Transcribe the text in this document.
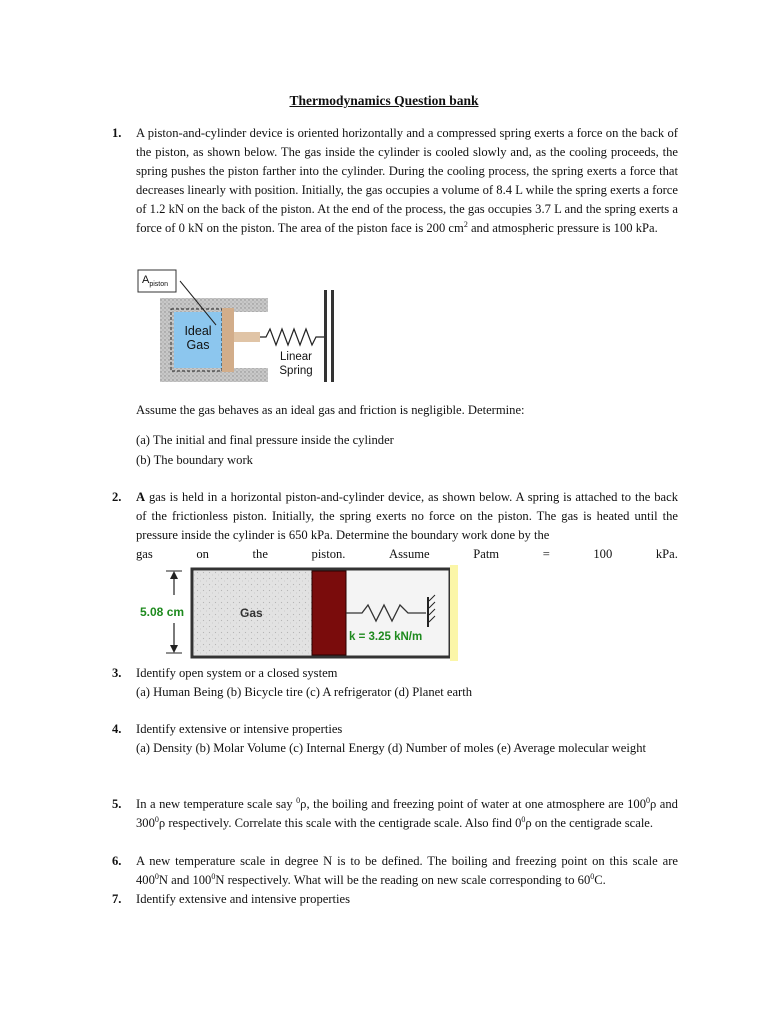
Thermodynamics Question bank
1. A piston-and-cylinder device is oriented horizontally and a compressed spring exerts a force on the back of the piston, as shown below. The gas inside the cylinder is cooled slowly and, as the cooling proceeds, the spring pushes the piston farther into the cylinder. During the cooling process, the spring exerts a force that decreases linearly with position. Initially, the gas occupies a volume of 8.4 L while the spring exerts a force of 1.2 kN on the back of the piston. At the end of the process, the gas occupies 3.7 L and the spring exerts a force of 0 kN on the piston. The area of the piston face is 200 $cm^2$ and atmospheric pressure is 100 kPa.
$A_{piston}$
Ideal
Gas
Linear
Spring
Assume the gas behaves as an ideal gas and friction is negligible. Determine:
(a) The initial and final pressure inside the cylinder
(b) The boundary work
2. A gas is held in a horizontal piston-and-cylinder device, as shown below. A spring is attached to the back of the frictionless piston. Initially, the spring exerts no force on the piston. The gas is heated until the pressure inside the cylinder is 650 kPa. Determine the boundary work done by the
gas	on	the	piston.	Assume	Patm	=	100	kPa.
5.08 cm	Gas
k = 3.25 kN/m
3. Identify open system or a closed system
(a) Human Being (b) Bicycle tire (c) A refrigerator (d) Planet earth
4. Identify extensive or intensive properties
(a) Density (b) Molar Volume (c) Internal Energy (d) Number of moles (e) Average molecular weight
5. In a new temperature scale say $^0$ρ, the boiling and freezing point of water at one atmosphere are $100^0\rho$ and $300^0\rho$ respectively. Correlate this scale with the centigrade scale. Also find $0^0\rho$ on the centigrade scale.
6. A new temperature scale in degree N is to be defined. The boiling and freezing point on this scale are $400^0N$ and $100^0N$ respectively. What will be the reading on new scale corresponding to $60^0C$.
7. Identify extensive and intensive properties
